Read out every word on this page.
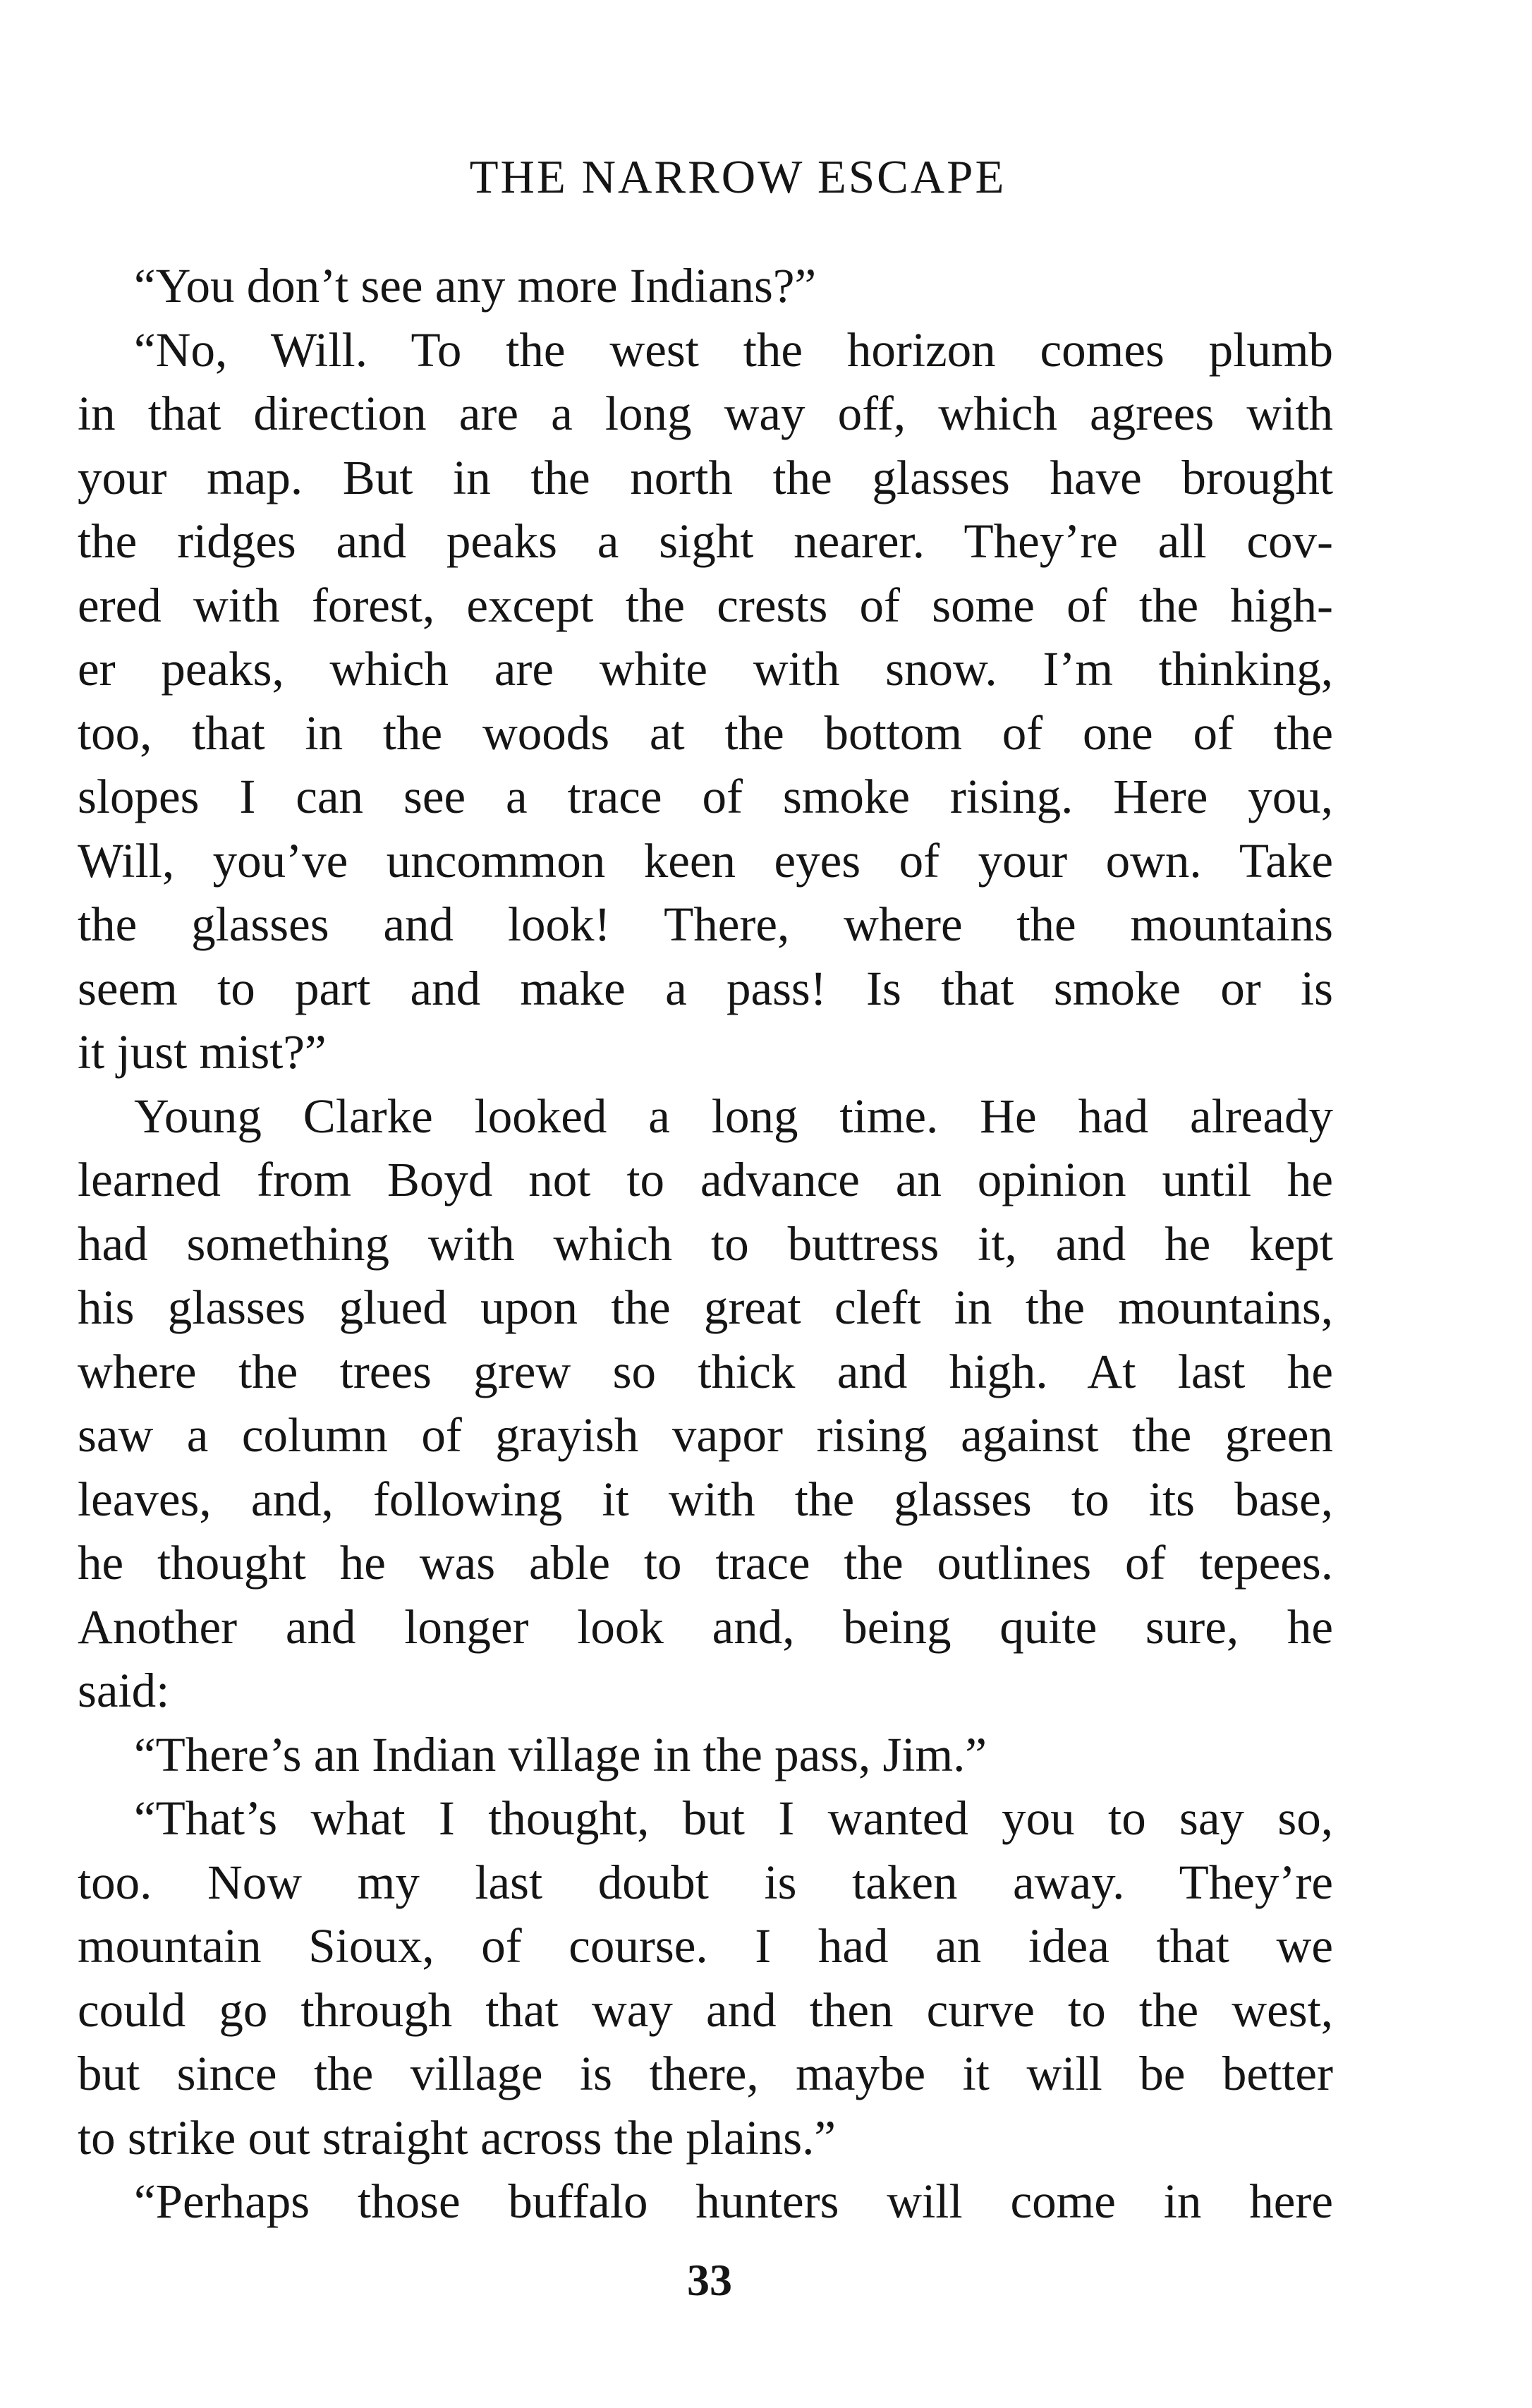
THE NARROW ESCAPE
“You don’t see any more Indians?”
“No, Will. To the west the horizon comes plumb
in that direction are a long way off, which agrees with
your map. But in the north the glasses have brought
the ridges and peaks a sight nearer. They’re all cov-
ered with forest, except the crests of some of the high-
er peaks, which are white with snow. I’m thinking,
too, that in the woods at the bottom of one of the
slopes I can see a trace of smoke rising. Here you,
Will, you’ve uncommon keen eyes of your own. Take
the glasses and look! There, where the mountains
seem to part and make a pass! Is that smoke or is
it just mist?”
Young Clarke looked a long time. He had already
learned from Boyd not to advance an opinion until he
had something with which to buttress it, and he kept
his glasses glued upon the great cleft in the mountains,
where the trees grew so thick and high. At last he
saw a column of grayish vapor rising against the green
leaves, and, following it with the glasses to its base,
he thought he was able to trace the outlines of tepees.
Another and longer look and, being quite sure, he
said:
“There’s an Indian village in the pass, Jim.”
“That’s what I thought, but I wanted you to say so,
too. Now my last doubt is taken away. They’re
mountain Sioux, of course. I had an idea that we
could go through that way and then curve to the west,
but since the village is there, maybe it will be better
to strike out straight across the plains.”
“Perhaps those buffalo hunters will come in here
33
